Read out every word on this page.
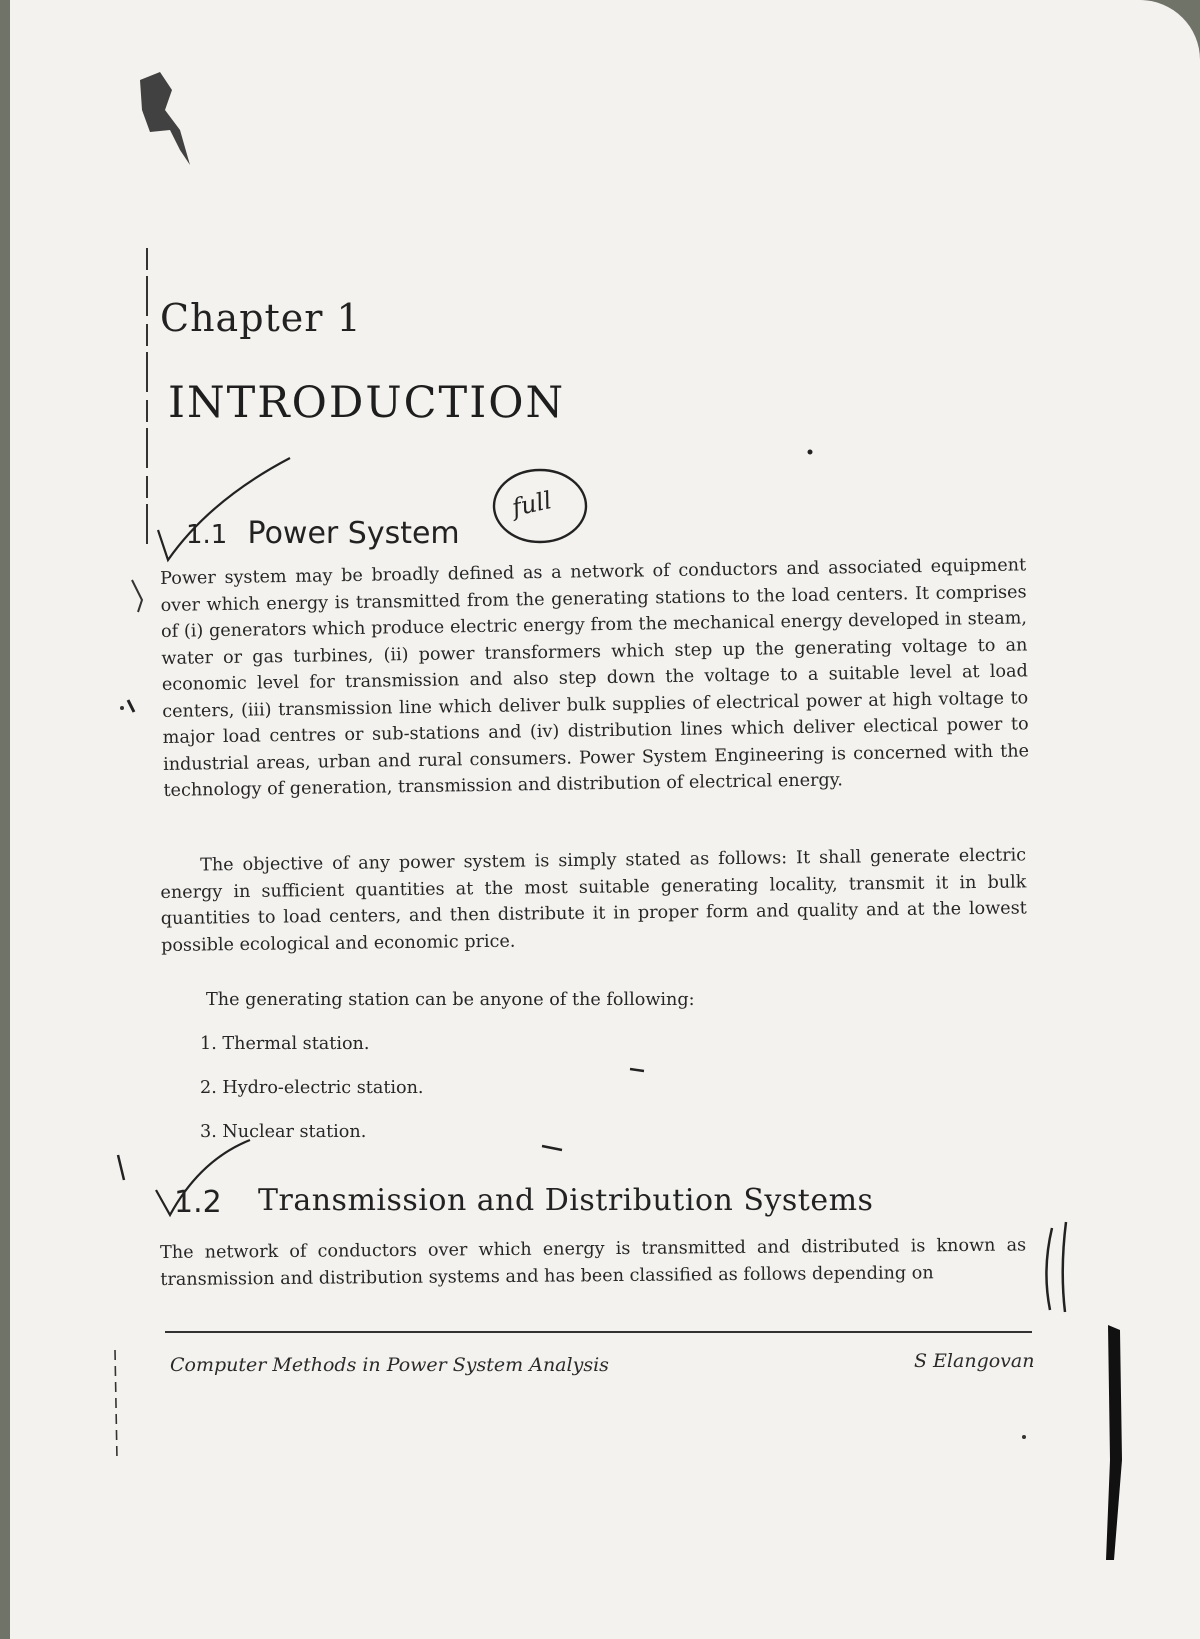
Chapter 1
INTRODUCTION
1.1 Power System
full
Power system may be broadly defined as a network of conductors and associated equipment over which energy is transmitted from the generating stations to the load centers. It comprises of (i) generators which produce electric energy from the mechanical energy developed in steam, water or gas turbines, (ii) power transformers which step up the generating voltage to an economic level for transmission and also step down the voltage to a suitable level at load centers, (iii) transmission line which deliver bulk supplies of electrical power at high voltage to major load centres or sub-stations and (iv) distribution lines which deliver electical power to industrial areas, urban and rural consumers. Power System Engineering is concerned with the technology of generation, transmission and distribution of electrical energy.
The objective of any power system is simply stated as follows: It shall generate electric energy in sufficient quantities at the most suitable generating locality, transmit it in bulk quantities to load centers, and then distribute it in proper form and quality and at the lowest possible ecological and economic price.
The generating station can be anyone of the following:
1. Thermal station.
2. Hydro-electric station.
3. Nuclear station.
1.2 Transmission and Distribution Systems
The network of conductors over which energy is transmitted and distributed is known as transmission and distribution systems and has been classified as follows depending on
Computer Methods in Power System Analysis	S Elangovan
